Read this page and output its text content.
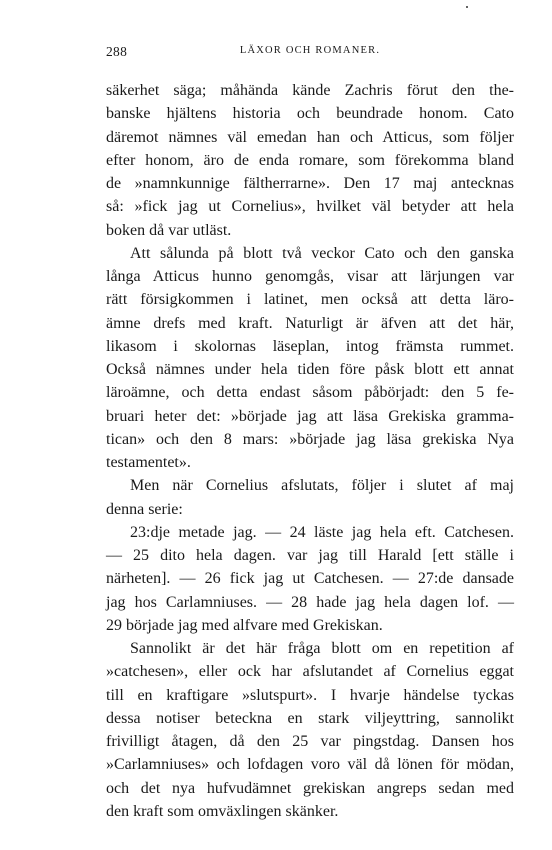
288	LÄXOR OCH ROMANER.

säkerhet säga; måhända kände Zachris förut den the-

banske hjältens historia och beundrade honom. Cato

däremot nämnes väl emedan han och Atticus, som följer

efter honom, äro de enda romare, som förekomma bland

de »namnkunnige fältherrarne». Den 17 maj antecknas

så: »fick jag ut Cornelius», hvilket väl betyder att hela

boken då var utläst.

Att sålunda på blott två veckor Cato och den ganska

långa Atticus hunno genomgås, visar att lärjungen var

rätt försigkommen i latinet, men också att detta läro-

ämne drefs med kraft. Naturligt är äfven att det här,

likasom i skolornas läseplan, intog främsta rummet.

Också nämnes under hela tiden före påsk blott ett annat

läroämne, och detta endast såsom påbörjadt: den 5 fe-

bruari heter det: »började jag att läsa Grekiska gramma-

tican» och den 8 mars: »började jag läsa grekiska Nya

testamentet».

Men när Cornelius afslutats, följer i slutet af maj

denna serie:

23:dje metade jag. — 24 läste jag hela eft. Catchesen.

— 25 dito hela dagen. var jag till Harald [ett ställe i

närheten]. — 26 fick jag ut Catchesen. — 27:de dansade

jag hos Carlamniuses. — 28 hade jag hela dagen lof. —

29 började jag med alfvare med Grekiskan.

Sannolikt är det här fråga blott om en repetition af

»catchesen», eller ock har afslutandet af Cornelius eggat

till en kraftigare »slutspurt». I hvarje händelse tyckas

dessa notiser beteckna en stark viljeyttring, sannolikt

frivilligt åtagen, då den 25 var pingstdag. Dansen hos

»Carlamniuses» och lofdagen voro väl då lönen för mödan,

och det nya hufvudämnet grekiskan angreps sedan med

den kraft som omväxlingen skänker.
